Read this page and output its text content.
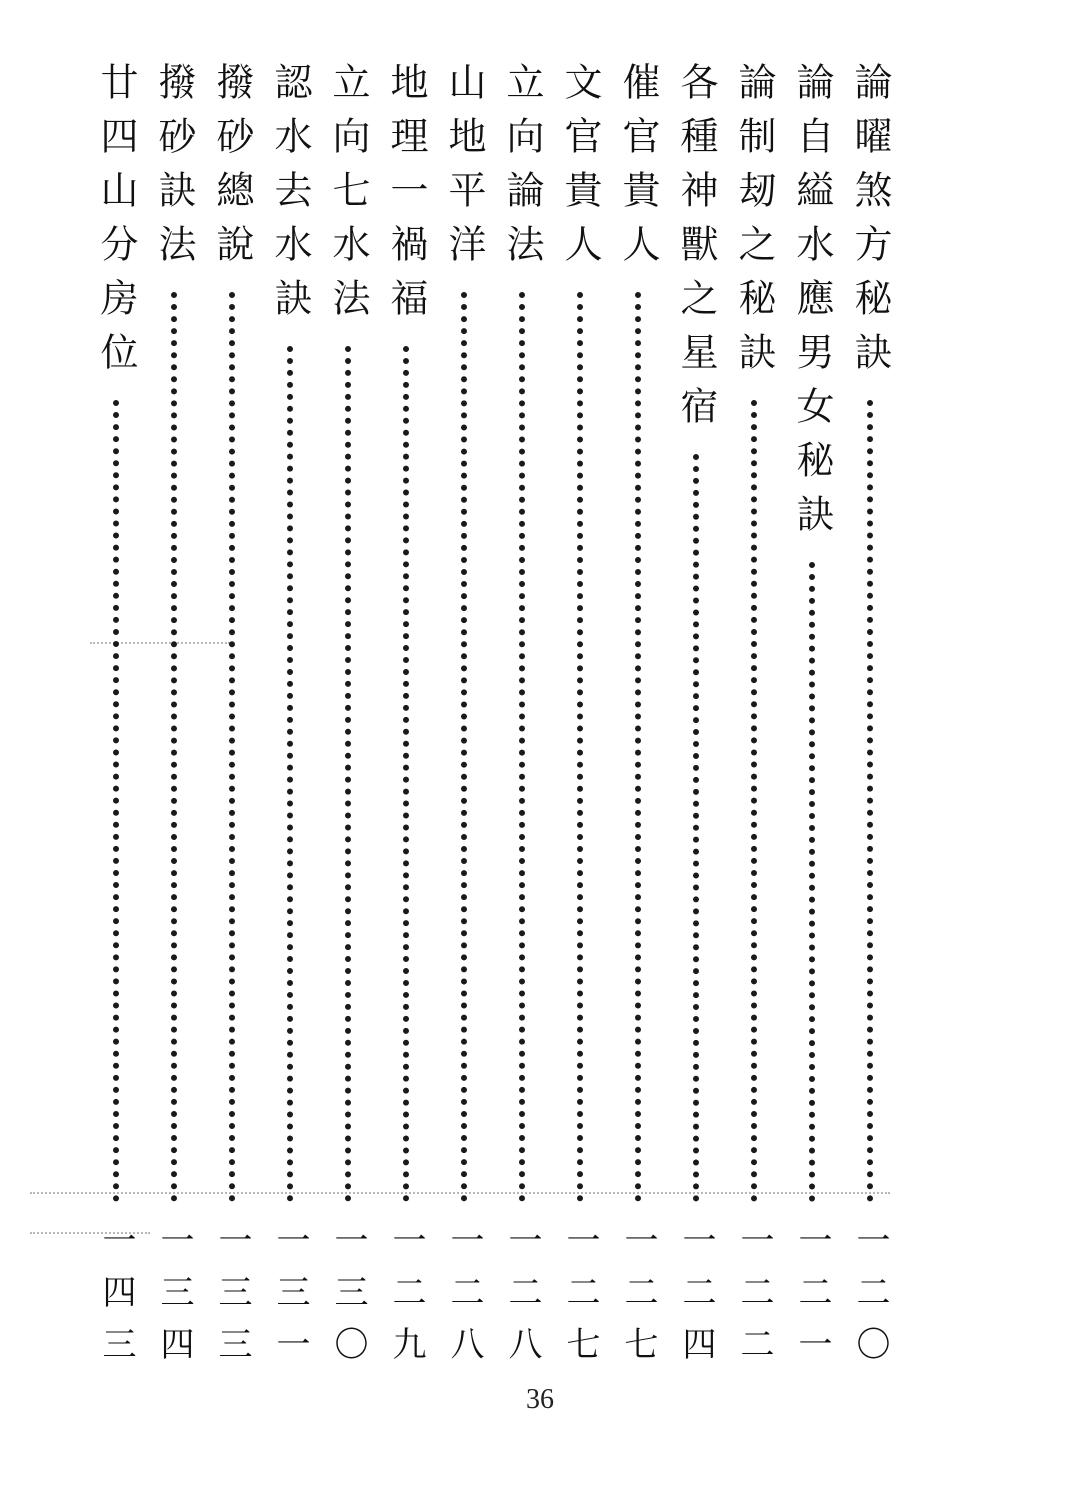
論曜煞方秘訣
一二〇
論自縊水應男女秘訣
一二一
論制刼之秘訣
一二二
各種神獸之星宿
一二四
催官貴人
一二七
文官貴人
一二七
立向論法
一二八
山地平洋
一二八
地理一禍福
一二九
立向七水法
一三〇
認水去水訣
一三一
撥砂總說
一三三
撥砂訣法
一三四
廿四山分房位
一四三
36
